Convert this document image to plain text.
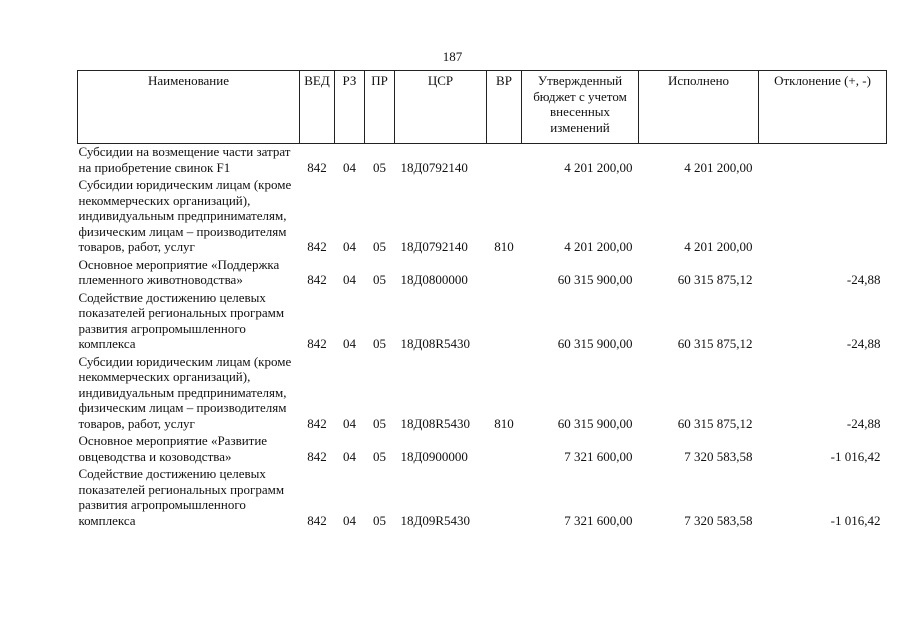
187
Наименование	ВЕД	РЗ	ПР	ЦСР	ВР	Утвержденный бюджет с учетом внесенных изменений	Исполнено	Отклонение (+, -)
Субсидии на возмещение части затрат на приобретение свинок F1	842	04	05	18Д0792140		4 201 200,00	4 201 200,00	
Субсидии юридическим лицам (кроме некоммерческих организаций), индивидуальным предпринимателям, физическим лицам – производителям товаров, работ, услуг	842	04	05	18Д0792140	810	4 201 200,00	4 201 200,00	
Основное мероприятие «Поддержка племенного животноводства»	842	04	05	18Д0800000		60 315 900,00	60 315 875,12	-24,88
Содействие достижению целевых показателей региональных программ развития агропромышленного комплекса	842	04	05	18Д08R5430		60 315 900,00	60 315 875,12	-24,88
Субсидии юридическим лицам (кроме некоммерческих организаций), индивидуальным предпринимателям, физическим лицам – производителям товаров, работ, услуг	842	04	05	18Д08R5430	810	60 315 900,00	60 315 875,12	-24,88
Основное мероприятие «Развитие овцеводства и козоводства»	842	04	05	18Д0900000		7 321 600,00	7 320 583,58	-1 016,42
Содействие достижению целевых показателей региональных программ развития агропромышленного комплекса	842	04	05	18Д09R5430		7 321 600,00	7 320 583,58	-1 016,42
